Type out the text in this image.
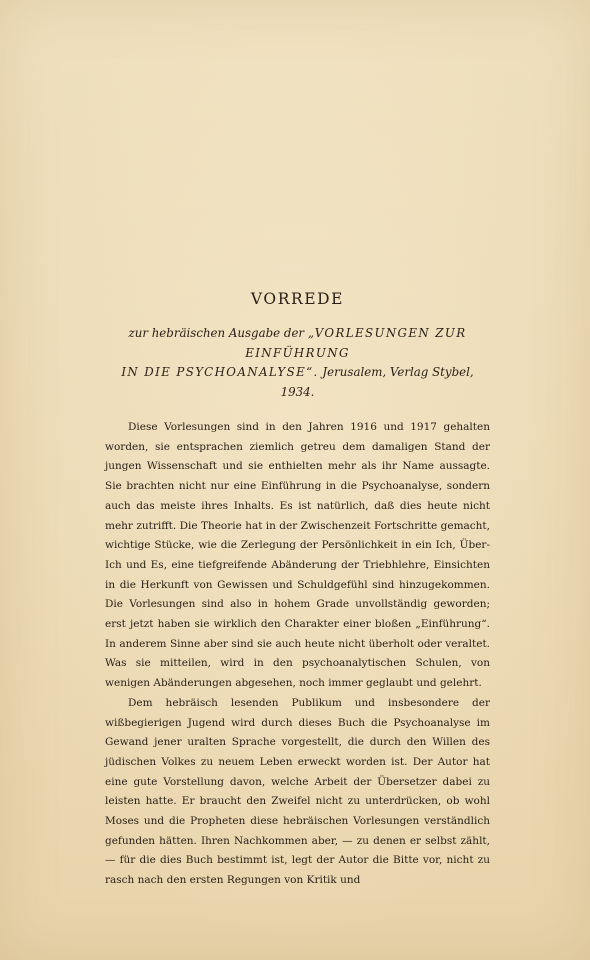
VORREDE

zur hebräischen Ausgabe der „VORLESUNGEN ZUR EINFÜHRUNG
IN DIE PSYCHOANALYSE“. Jerusalem, Verlag Stybel, 1934.

Diese Vorlesungen sind in den Jahren 1916 und 1917 gehalten worden, sie entsprachen ziemlich getreu dem damaligen Stand der jungen Wissenschaft und sie enthielten mehr als ihr Name aussagte. Sie brachten nicht nur eine Einführung in die Psychoanalyse, sondern auch das meiste ihres Inhalts. Es ist natürlich, daß dies heute nicht mehr zutrifft. Die Theorie hat in der Zwischenzeit Fortschritte gemacht, wichtige Stücke, wie die Zerlegung der Persönlichkeit in ein Ich, Über-Ich und Es, eine tiefgreifende Abänderung der Triebhlehre, Einsichten in die Herkunft von Gewissen und Schuldgefühl sind hinzugekommen. Die Vorlesungen sind also in hohem Grade unvollständig geworden; erst jetzt haben sie wirklich den Charakter einer bloßen „Einführung“. In anderem Sinne aber sind sie auch heute nicht überholt oder veraltet. Was sie mitteilen, wird in den psychoanalytischen Schulen, von wenigen Abänderungen abgesehen, noch immer geglaubt und gelehrt.

Dem hebräisch lesenden Publikum und insbesondere der wißbegierigen Jugend wird durch dieses Buch die Psychoanalyse im Gewand jener uralten Sprache vorgestellt, die durch den Willen des jüdischen Volkes zu neuem Leben erweckt worden ist. Der Autor hat eine gute Vorstellung davon, welche Arbeit der Übersetzer dabei zu leisten hatte. Er braucht den Zweifel nicht zu unterdrücken, ob wohl Moses und die Propheten diese hebräischen Vorlesungen verständlich gefunden hätten. Ihren Nachkommen aber, — zu denen er selbst zählt, — für die dies Buch bestimmt ist, legt der Autor die Bitte vor, nicht zu rasch nach den ersten Regungen von Kritik und
